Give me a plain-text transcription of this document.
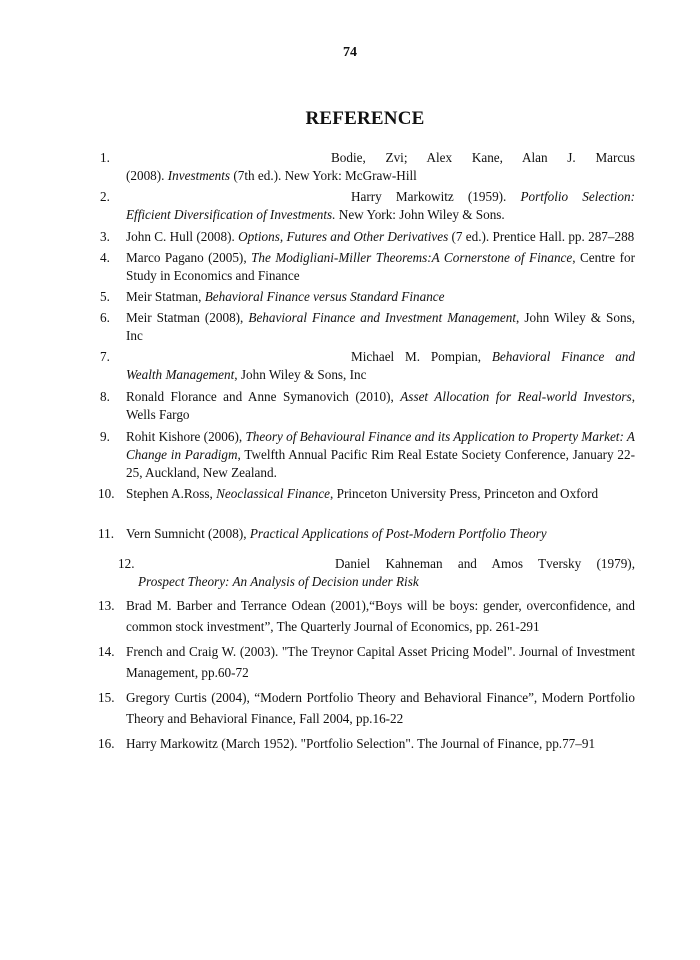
74
REFERENCE
1.	Bodie, Zvi; Alex Kane, Alan J. Marcus
(2008). Investments (7th ed.). New York: McGraw-Hill
2.	Harry Markowitz (1959). Portfolio Selection:
Efficient Diversification of Investments. New York: John Wiley & Sons.
3.	John C. Hull (2008). Options, Futures and Other Derivatives (7 ed.). Prentice Hall. pp. 287–288
4.	Marco Pagano (2005), The Modigliani-Miller Theorems:A Cornerstone of Finance, Centre for Study in Economics and Finance
5.	Meir Statman, Behavioral Finance versus Standard Finance
6.	Meir Statman (2008), Behavioral Finance and Investment Management, John Wiley & Sons, Inc
7.	Michael M. Pompian, Behavioral Finance and
Wealth Management, John Wiley & Sons, Inc
8.	Ronald Florance and Anne Symanovich (2010), Asset Allocation for Real-world Investors, Wells Fargo
9.	Rohit Kishore (2006), Theory of Behavioural Finance and its Application to Property Market: A Change in Paradigm, Twelfth Annual Pacific Rim Real Estate Society Conference, January 22-25, Auckland, New Zealand.
10. Stephen A.Ross, Neoclassical Finance, Princeton University Press, Princeton and Oxford
11. Vern Sumnicht (2008), Practical Applications of Post-Modern Portfolio Theory
12.	Daniel Kahneman and Amos Tversky (1979),
Prospect Theory: An Analysis of Decision under Risk
13. Brad M. Barber and Terrance Odean (2001),“Boys will be boys: gender, overconfidence, and common stock investment”, The Quarterly Journal of Economics, pp. 261-291
14. French and Craig W. (2003). "The Treynor Capital Asset Pricing Model". Journal of Investment Management, pp.60-72
15. Gregory Curtis (2004), “Modern Portfolio Theory and Behavioral Finance”, Modern Portfolio Theory and Behavioral Finance, Fall 2004, pp.16-22
16. Harry Markowitz (March 1952). "Portfolio Selection". The Journal of Finance, pp.77–91
